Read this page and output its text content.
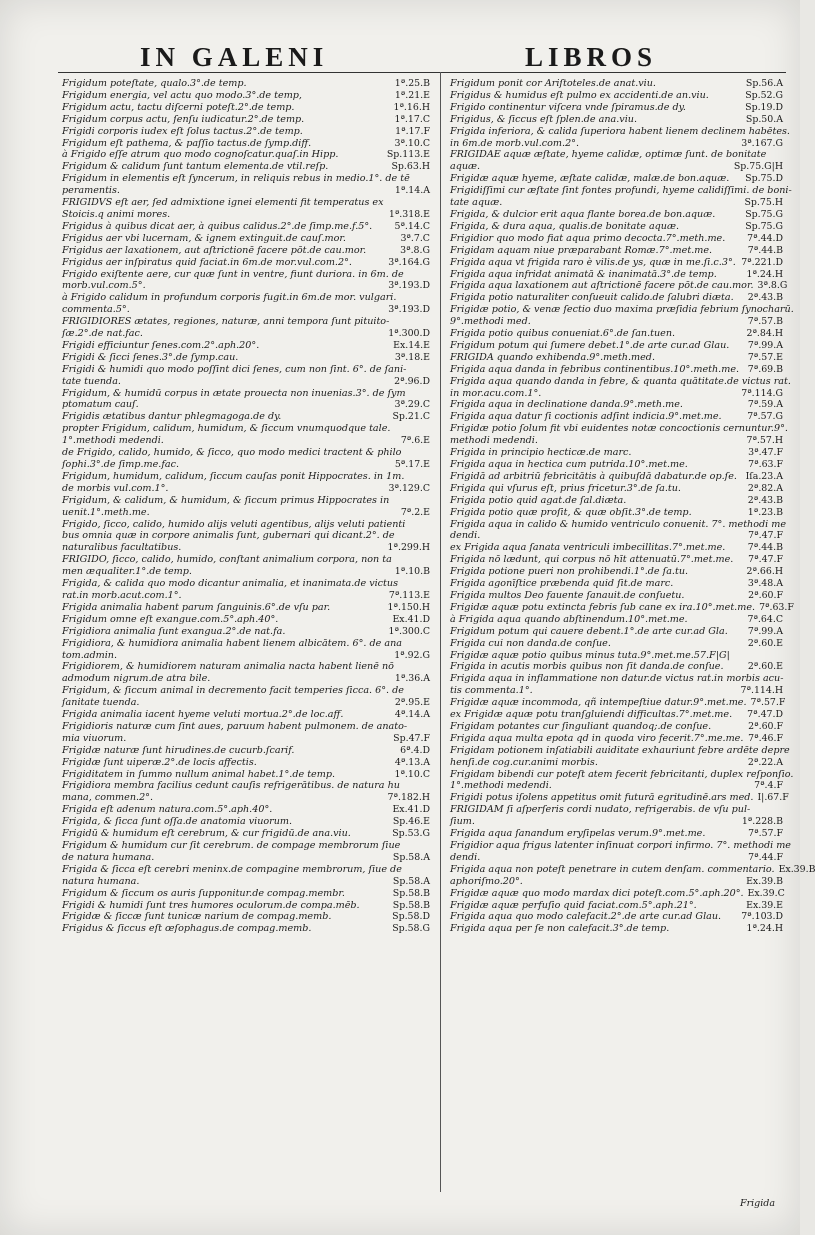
IN GALENI	LIBROS
Frigidum poteſtate, qualo.3°.de temp.	1ª.25.B
Frigidum energia, vel actu quo modo.3°.de temp,	1ª.21.E
Frigidum actu, tactu diſcerni poteſt.2°.de temp.	1ª.16.H
Frigidum corpus actu, ſenſu iudicatur.2°.de temp.	1ª.17.C
Frigidi corporis iudex eſt ſolus tactus.2°.de temp.	1ª.17.F
Frigidum eſt pathema, & paſſio tactus.de ſymp.diff.	3ª.10.C
à Frigido eſſe atrum quo modo cognoſcatur.quaſ.in Hipp.	Sp.113.E
Frigidum & calidum ſunt tantum elementa.de vtil.reſp.	Sp.63.H
Frigidum in elementis eſt ſyncerum, in reliquis rebus in medio.1°. de tē
peramentis.	1ª.14.A
FRIGIDVS eſt aer, ſed admixtione ignei elementi fit temperatus ex
Stoicis.q animi mores.	1ª.318.E
Frigidus à quibus dicat aer, à quibus calidus.2°.de ſimp.me.f.5°.	5ª.14.C
Frigidus aer vbi lucernam, & ignem extinguit.de cauſ.mor.	3ª.7.C
Frigidus aer laxationem, aut aſtrictionē facere pōt.de cau.mor.	3ª.8.G
Frigidus aer inſpiratus quid faciat.in 6m.de mor.vul.com.2°.	3ª.164.G
Frigido exiſtente aere, cur quæ ſunt in ventre, fiunt duriora. in 6m. de
morb.vul.com.5°.	3ª.193.D
à Frigido calidum in profundum corporis fugit.in 6m.de mor. vulgari.
commenta.5°.	3ª.193.D
FRIGIDIORES ætates, regiones, naturæ, anni tempora ſunt pituito-
ſæ.2°.de nat.fac.	1ª.300.D
Frigidi efficiuntur ſenes.com.2°.aph.20°.	Ex.14.E
Frigidi & ſicci ſenes.3°.de ſymp.cau.	3ª.18.E
Frigidi & humidi quo modo poſſint dici ſenes, cum non ſint. 6°. de ſani-
tate tuenda.	2ª.96.D
Frigidum, & humidū corpus in ætate prouecta non inuenias.3°. de ſym
ptomatum cauſ.	3ª.29.C
Frigidis ætatibus dantur phlegmagoga.de dy.	Sp.21.C
propter Frigidum, calidum, humidum, & ſiccum vnumquodque tale.
1°.methodi medendi.	7ª.6.E
de Frigido, calido, humido, & ſicco, quo modo medici tractent & philo
ſophi.3°.de ſimp.me.fac.	5ª.17.E
Frigidum, humidum, calidum, ſiccum cauſas ponit Hippocrates. in 1m.
de morbis vul.com.1°.	3ª.129.C
Frigidum, & calidum, & humidum, & ſiccum primus Hippocrates in
uenit.1°.meth.me.	7ª.2.E
Frigido, ſicco, calido, humido alijs veluti agentibus, alijs veluti patienti
bus omnia quæ in corpore animalis ſunt, gubernari qui dicant.2°. de
naturalibus facultatibus.	1ª.299.H
FRIGIDO, ſicco, calido, humido, conſtant animalium corpora, non ta
men æqualiter.1°.de temp.	1ª.10.B
Frigida, & calida quo modo dicantur animalia, et inanimata.de victus
rat.in morb.acut.com.1°.	7ª.113.E
Frigida animalia habent parum ſanguinis.6°.de vſu par.	1ª.150.H
Frigidum omne eſt exangue.com.5°.aph.40°.	Ex.41.D
Frigidiora animalia ſunt exangua.2°.de nat.fa.	1ª.300.C
Frigidiora, & humidiora animalia habent lienem albicātem. 6°. de ana
tom.admin.	1ª.92.G
Frigidiorem, & humidiorem naturam animalia nacta habent lienē nō
admodum nigrum.de atra bile.	1ª.36.A
Frigidum, & ſiccum animal in decremento facit temperies ſicca. 6°. de
ſanitate tuenda.	2ª.95.E
Frigida animalia iacent hyeme veluti mortua.2°.de loc.aff.	4ª.14.A
Frigidioris naturæ cum ſint aues, paruum habent pulmonem. de anato-
mia viuorum.	Sp.47.F
Frigidæ naturæ ſunt hirudines.de cucurb.ſcarif.	6ª.4.D
Frigidæ ſunt uiperæ.2°.de locis affectis.	4ª.13.A
Frigiditatem in ſummo nullum animal habet.1°.de temp.	1ª.10.C
Frigidiora membra facilius cedunt cauſis refrigerātibus. de natura hu
mana, commen.2°.	7ª.182.H
Frigida eſt adenum natura.com.5°.aph.40°.	Ex.41.D
Frigida, & ſicca ſunt oſſa.de anatomia viuorum.	Sp.46.E
Frigidū & humidum eſt cerebrum, & cur frigidū.de ana.viu.	Sp.53.G
Frigidum & humidum cur ſit cerebrum. de compage membrorum ſiue
de natura humana.	Sp.58.A
Frigida & ſicca eſt cerebri meninx.de compagine membrorum, ſiue de
natura humana.	Sp.58.A
Frigidum & ſiccum os auris ſupponitur.de compag.membr.	Sp.58.B
Frigidi & humidi ſunt tres humores oculorum.de compa.mēb.	Sp.58.B
Frigidæ & ſiccæ ſunt tunicæ narium de compag.memb.	Sp.58.D
Frigidus & ſiccus eſt œſophagus.de compag.memb.	Sp.58.G
Frigidum ponit cor Ariſtoteles.de anat.viu.	Sp.56.A
Frigidus & humidus eſt pulmo ex accidenti.de an.viu.	Sp.52.G
Frigido continentur viſcera vnde ſpiramus.de dy.	Sp.19.D
Frigidus, & ſiccus eſt ſplen.de ana.viu.	Sp.50.A
Frigida inferiora, & calida ſuperiora habent lienem declinem habētes.
in 6m.de morb.vul.com.2°.	3ª.167.G
FRIGIDAE aquæ æſtate, hyeme calidæ, optimæ ſunt. de bonitate
aquæ.	Sp.75.G|H
Frigidæ aquæ hyeme, æſtate calidæ, malæ.de bon.aquæ.	Sp.75.D
Frigidiſſimi cur æſtate ſint fontes profundi, hyeme calidiſſimi. de boni-
tate aquæ.	Sp.75.H
Frigida, & dulcior erit aqua flante borea.de bon.aquæ.	Sp.75.G
Frigida, & dura aqua, qualis.de bonitate aquæ.	Sp.75.G
Frigidior quo modo fiat aqua primo decocta.7°.meth.me.	7ª.44.D
Frigidam aquam niue præparabant Romæ.7°.met.me.	7ª.44.B
Frigida aqua vt frigida raro è vilis.de ys, quæ in me.ſi.c.3°. 7ª.221.D
Frigida aqua infridat animatā & inanimatā.3°.de temp.	1ª.24.H
Frigida aqua laxationem aut aſtrictionē facere pōt.de cau.mor. 3ª.8.G
Frigida potio naturaliter conſueuit calido.de ſalubri diæta.	2ª.43.B
Frigidæ potio, & venæ ſectio duo maxima præſidia febrium ſynocharū.
9°.methodi med.	7ª.57.B
Frigida potio quibus conueniat.6°.de ſan.tuen.	2ª.84.H
Frigidum potum qui ſumere debet.1°.de arte cur.ad Glau.	7ª.99.A
FRIGIDA quando exhibenda.9°.meth.med.	7ª.57.E
Frigida aqua danda in febribus continentibus.10°.meth.me. 7ª.69.B
Frigida aqua quando danda in febre, & quanta quātitate.de victus rat.
in mor.acu.com.1°.	7ª.114.G
Frigida aqua in declinatione danda.9°.meth.me.	7ª.59.A
Frigida aqua datur ſi coctionis adſint indicia.9°.met.me.	7ª.57.G
Frigidæ potio ſolum fit vbi euidentes notæ concoctionis cernuntur.9°.
methodi medendi.	7ª.57.H
Frigida in principio hecticæ.de marc.	3ª.47.F
Frigida aqua in hectica cum putrida.10°.met.me.	7ª.63.F
Frigidā ad arbitriū febricitātis à quibuſdā dabatur.de op.ſe. Iſa.23.A
Frigida qui vſurus eſt, prius fricetur.3°.de ſa.tu.	2ª.82.A
Frigida potio quid agat.de ſal.diæta.	2ª.43.B
Frigida potio quæ proſit, & quæ obſit.3°.de temp.	1ª.23.B
Frigida aqua in calido & humido ventriculo conuenit. 7°. methodi me
dendi.	7ª.47.F
ex Frigida aqua ſanata ventriculi imbecillitas.7°.met.me.	7ª.44.B
Frigida nō lædunt, qui corpus nō hīt attenuatū.7°.met.me.	7ª.47.F
Frigida potione pueri non prohibendi.1°.de ſa.tu.	2ª.66.H
Frigida agonīſtice præbenda quid ſit.de marc.	3ª.48.A
Frigida multos Deo fauente ſanauit.de conſuetu.	2ª.60.F
Frigidæ aquæ potu extincta febris ſub cane ex ira.10°.met.me. 7ª.63.F
à Frigida aqua quando abſtinendum.10°.met.me.	7ª.64.C
Frigidum potum qui cauere debent.1°.de arte cur.ad Gla.	7ª.99.A
Frigida cui non danda.de conſue.	2ª.60.E
Frigidæ aquæ potio quibus minus tuta.9°.met.me.57.F|G|
Frigida in acutis morbis quibus non ſit danda.de conſue.	2ª.60.E
Frigida aqua in inflammatione non datur.de victus rat.in morbis acu-
tis commenta.1°.	7ª.114.H
Frigidæ aquæ incommoda, qñ intempeſtiue datur.9°.met.me. 7ª.57.F
ex Frigidæ aquæ potu tranſgluiendi difficultas.7°.met.me.	7ª.47.D
Frigidam potantes cur ſinguliant quandoq;.de conſue.	2ª.60.F
Frigida aqua multa epota qd in quoda viro fecerit.7°.me.me. 7ª.46.F
Frigidam potionem inſatiabili auiditate exhauriunt febre ardēte depre
henſi.de cog.cur.animi morbis.	2ª.22.A
Frigidam bibendi cur poteſt atem fecerit febricitanti, duplex reſponſio.
1°.methodi medendi.	7ª.4.F
Frigidi potus iſolens appetitus omit futurā egritudinē.ars med. I|.67.F
FRIGIDAM ſi aſperſeris cordi nudato, refrigerabis. de vſu pul-
ſium.	1ª.228.B
Frigida aqua ſanandum eryſipelas verum.9°.met.me.	7ª.57.F
Frigidior aqua frigus latenter inſinuat corpori infirmo. 7°. methodi me
dendi.	7ª.44.F
Frigida aqua non poteſt penetrare in cutem denſam. commentario. Ex.39.B
aphoriſmo.20°.	Ex.39.B
Frigidæ aquæ quo modo mardax dici poteſt.com.5°.aph.20°. Ex.39.C
Frigidæ aquæ perfuſio quid faciat.com.5°.aph.21°.	Ex.39.E
Frigida aqua quo modo calefacit.2°.de arte cur.ad Glau.	7ª.103.D
Frigida aqua per ſe non calefacit.3°.de temp.	1ª.24.H
Frigida
